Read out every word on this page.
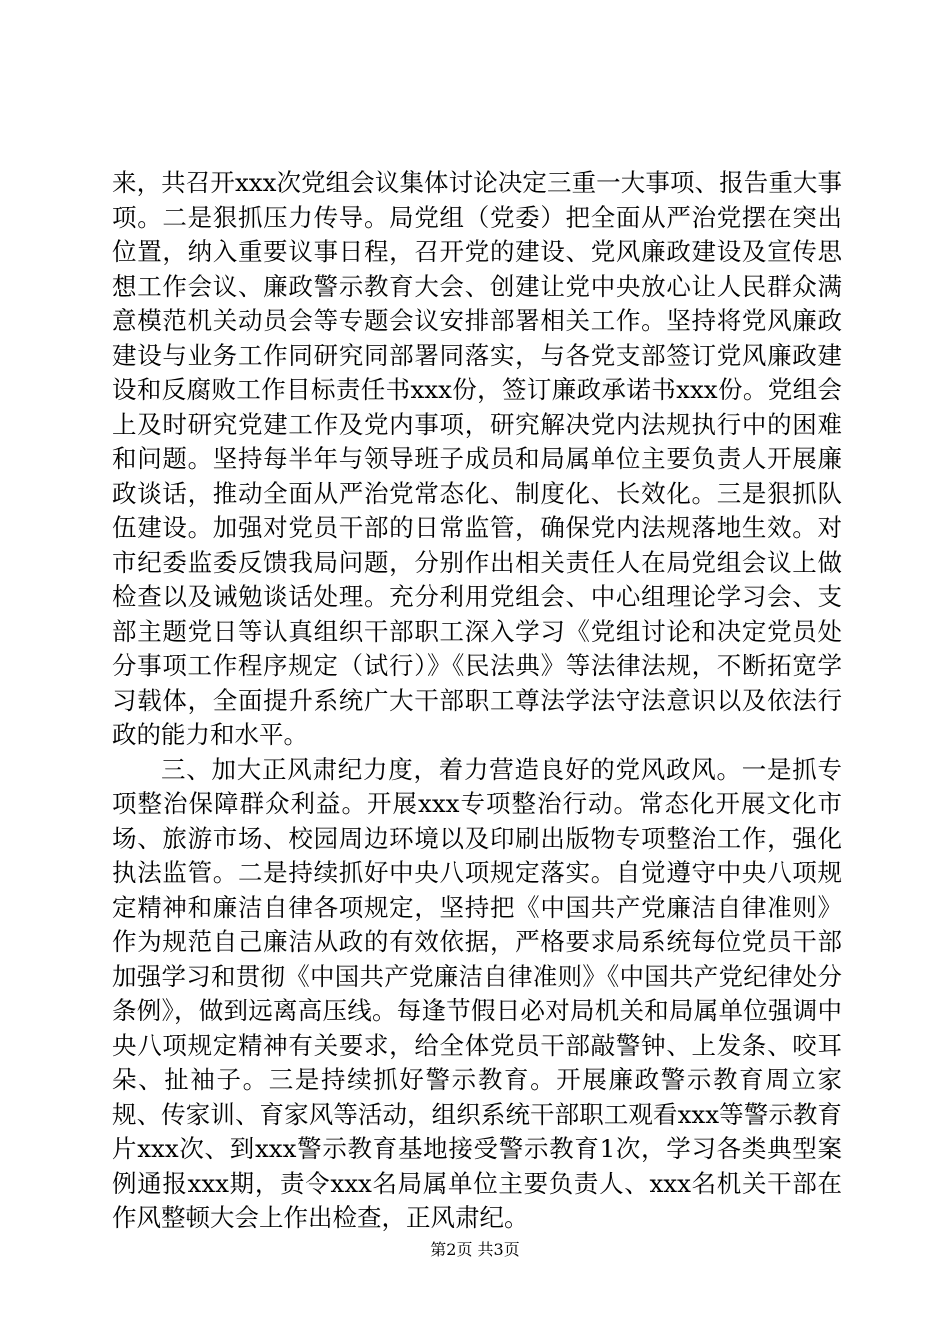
来，共召开xxx次党组会议集体讨论决定三重一大事项、报告重大事项。二是狠抓压力传导。局党组（党委）把全面从严治党摆在突出位置，纳入重要议事日程，召开党的建设、党风廉政建设及宣传思想工作会议、廉政警示教育大会、创建让党中央放心让人民群众满意模范机关动员会等专题会议安排部署相关工作。坚持将党风廉政建设与业务工作同研究同部署同落实，与各党支部签订党风廉政建设和反腐败工作目标责任书xxx份，签订廉政承诺书xxx份。党组会上及时研究党建工作及党内事项，研究解决党内法规执行中的困难和问题。坚持每半年与领导班子成员和局属单位主要负责人开展廉政谈话，推动全面从严治党常态化、制度化、长效化。三是狠抓队伍建设。加强对党员干部的日常监管，确保党内法规落地生效。对市纪委监委反馈我局问题，分别作出相关责任人在局党组会议上做检查以及诫勉谈话处理。充分利用党组会、中心组理论学习会、支部主题党日等认真组织干部职工深入学习《党组讨论和决定党员处分事项工作程序规定（试行）》《民法典》等法律法规，不断拓宽学习载体，全面提升系统广大干部职工尊法学法守法意识以及依法行政的能力和水平。

三、加大正风肃纪力度，着力营造良好的党风政风。一是抓专项整治保障群众利益。开展xxx专项整治行动。常态化开展文化市场、旅游市场、校园周边环境以及印刷出版物专项整治工作，强化执法监管。二是持续抓好中央八项规定落实。自觉遵守中央八项规定精神和廉洁自律各项规定，坚持把《中国共产党廉洁自律准则》作为规范自己廉洁从政的有效依据，严格要求局系统每位党员干部加强学习和贯彻《中国共产党廉洁自律准则》《中国共产党纪律处分条例》，做到远离高压线。每逢节假日必对局机关和局属单位强调中央八项规定精神有关要求，给全体党员干部敲警钟、上发条、咬耳朵、扯袖子。三是持续抓好警示教育。开展廉政警示教育周立家规、传家训、育家风等活动，组织系统干部职工观看xxx等警示教育片xxx次、到xxx警示教育基地接受警示教育1次，学习各类典型案例通报xxx期，责令xxx名局属单位主要负责人、xxx名机关干部在作风整顿大会上作出检查，正风肃纪。

第2页 共3页
